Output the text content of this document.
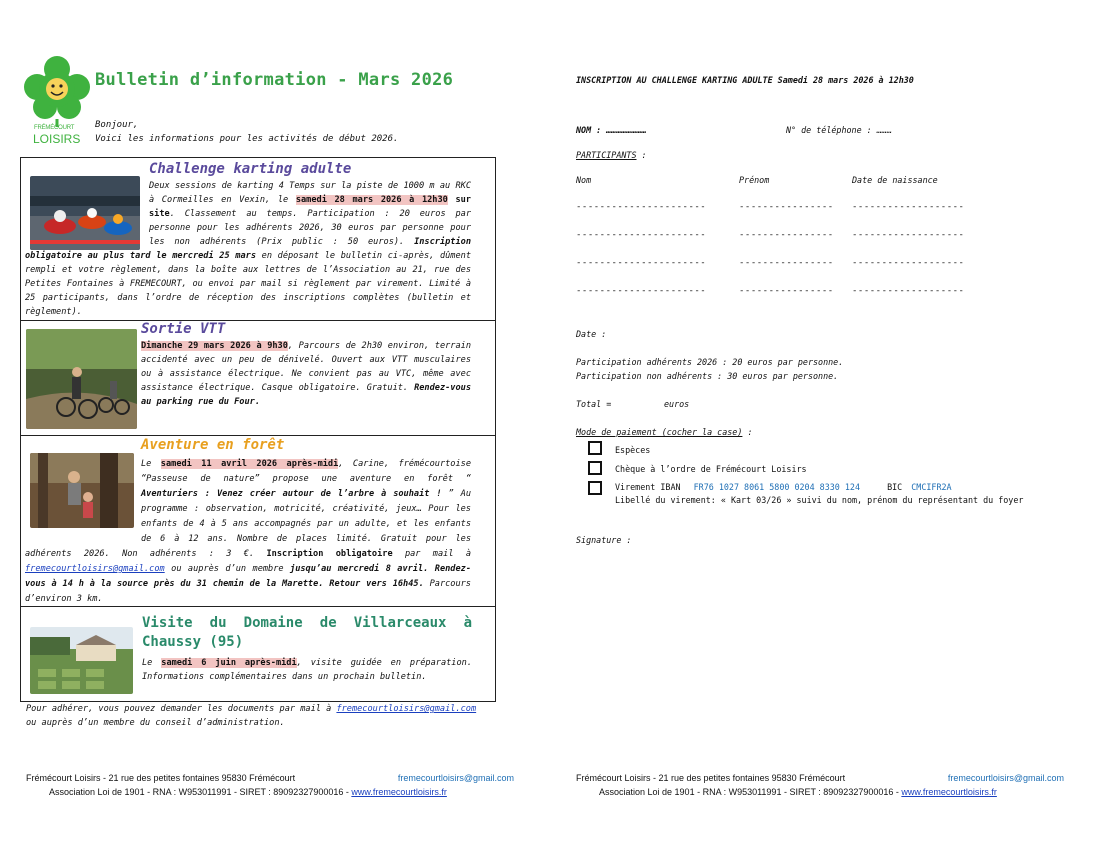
FRÉMÉCOURT
LOISIRS
Bulletin d’information - Mars 2026
Bonjour,
Voici les informations pour les activités de début 2026.
Challenge karting adulte
Deux sessions de karting 4 Temps sur la piste de 1000 m au RKC à Cormeilles en Vexin, le samedi 28 mars 2026 à 12h30 sur site. Classement au temps. Participation : 20 euros par personne pour les adhérents 2026, 30 euros par personne pour les non adhérents (Prix public : 50 euros). Inscription obligatoire au plus tard le mercredi 25 mars en déposant le bulletin ci-après, dûment rempli et votre règlement, dans la boîte aux lettres de l’Association au 21, rue des Petites Fontaines à FREMECOURT, ou envoi par mail si règlement par virement. Limité à 25 participants, dans l’ordre de réception des inscriptions complètes (bulletin et règlement).
Sortie VTT
Dimanche 29 mars 2026 à 9h30, Parcours de 2h30 environ, terrain accidenté avec un peu de dénivelé. Ouvert aux VTT musculaires ou à assistance électrique. Ne convient pas au VTC, même avec assistance électrique. Casque obligatoire. Gratuit. Rendez-vous au parking rue du Four.
Aventure en forêt
Le samedi 11 avril 2026 après-midi, Carine, frémécourtoise “Passeuse de nature” propose une aventure en forêt “ Aventuriers : Venez créer autour de l’arbre à souhait ! ” Au programme : observation, motricité, créativité, jeux… Pour les enfants de 4 à 5 ans accompagnés par un adulte, et les enfants de 6 à 12 ans. Nombre de places limité. Gratuit pour les adhérents 2026. Non adhérents : 3 €. Inscription obligatoire par mail à fremecourtloisirs@gmail.com ou auprès d’un membre jusqu’au mercredi 8 avril. Rendez-vous à 14 h à la source près du 31 chemin de la Marette. Retour vers 16h45. Parcours d’environ 3 km.
Visite du Domaine de Villarceaux à
Chaussy (95)
Le samedi 6 juin après-midi, visite guidée en préparation. Informations complémentaires dans un prochain bulletin.
Pour adhérer, vous pouvez demander les documents par mail à fremecourtloisirs@gmail.com
ou auprès d’un membre du conseil d’administration.
Frémécourt Loisirs - 21 rue des petites fontaines 95830 Frémécourt	fremecourtloisirs@gmail.com
Association Loi de 1901 - RNA : W953011991 - SIRET : 89092327900016 - www.fremecourtloisirs.fr
INSCRIPTION AU CHALLENGE KARTING ADULTE Samedi 28 mars 2026 à 12h30
NOM : ……………………	N° de téléphone : ………
PARTICIPANTS :
Nom	Prénom	Date de naissance
----------------------	---------------- -------------------
----------------------	---------------- -------------------
----------------------	---------------- -------------------
----------------------	---------------- -------------------
Date :
Participation adhérents 2026 : 20 euros par personne.
Participation non adhérents : 30 euros par personne.
Total =	euros
Mode de paiement (cocher la case) :
Espèces
Chèque à l’ordre de Frémécourt Loisirs
Virement IBAN FR76 1027 8061 5800 0204 8330 124	BIC CMCIFR2A
Libellé du virement: « Kart 03/26 » suivi du nom, prénom du représentant du foyer
Signature :
Frémécourt Loisirs - 21 rue des petites fontaines 95830 Frémécourt	fremecourtloisirs@gmail.com
Association Loi de 1901 - RNA : W953011991 - SIRET : 89092327900016 - www.fremecourtloisirs.fr
